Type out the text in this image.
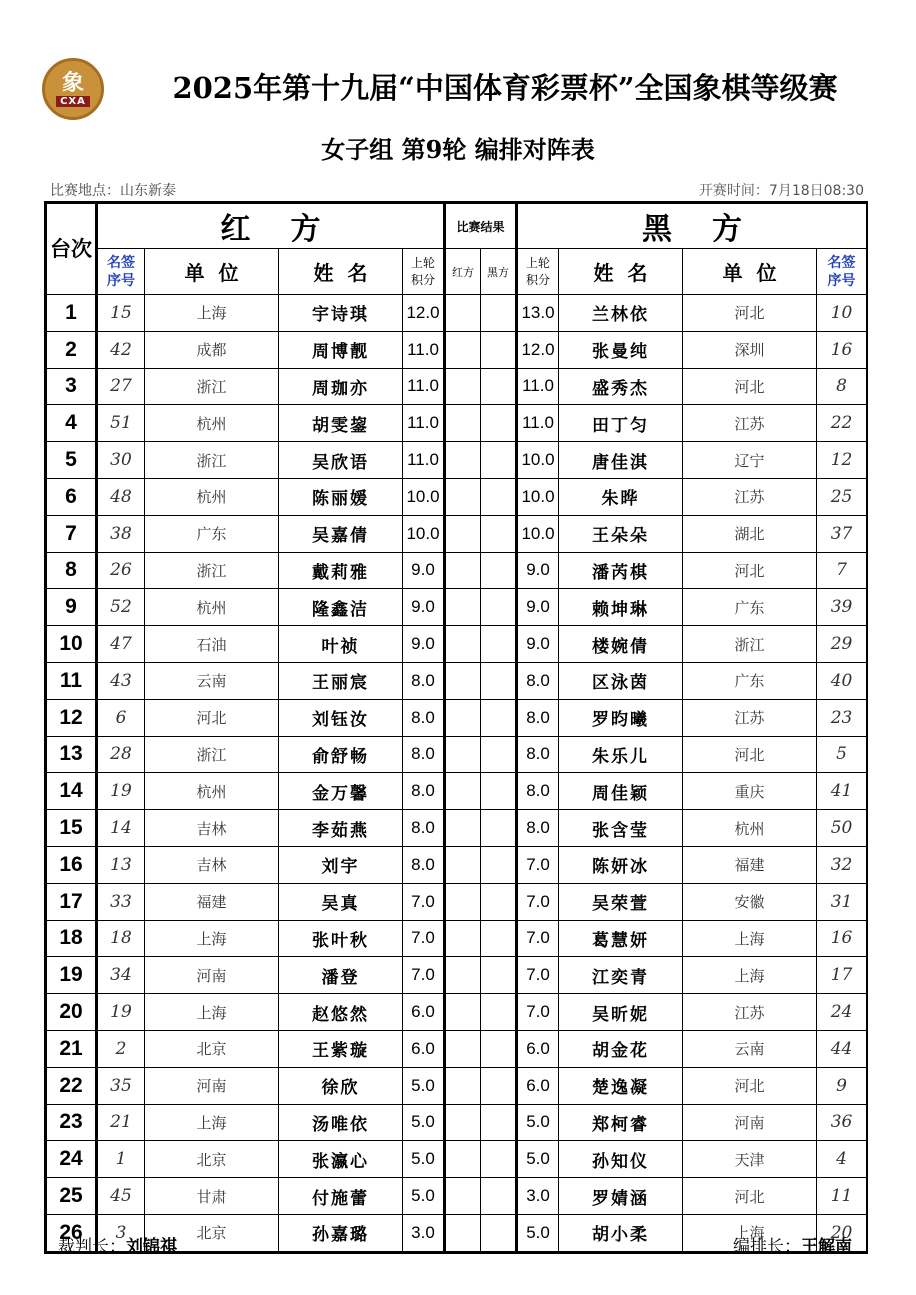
象
CXA	2025年第十九届“中国体育彩票杯”全国象棋等级赛
女子组 第9轮 编排对阵表
比赛地点：山东新泰	开赛时间：7月18日08:30
台次	红方				比赛结果		黑方			

	名签序号	单位	姓名	上轮积分	红方	黑方	上轮积分	姓名	单位	名签序号

1	15	上海	宇诗琪	12.0			13.0	兰林依	河北	10
2	42	成都	周博靓	11.0			12.0	张曼纯	深圳	16
3	27	浙江	周珈亦	11.0			11.0	盛秀杰	河北	8
4	51	杭州	胡雯鋆	11.0			11.0	田丁匀	江苏	22
5	30	浙江	吴欣语	11.0			10.0	唐佳淇	辽宁	12
6	48	杭州	陈丽媛	10.0			10.0	朱晔	江苏	25
7	38	广东	吴嘉倩	10.0			10.0	王朵朵	湖北	37
8	26	浙江	戴莉雅	9.0			9.0	潘芮棋	河北	7
9	52	杭州	隆鑫洁	9.0			9.0	赖坤琳	广东	39
10	47	石油	叶祯	9.0			9.0	楼婉倩	浙江	29
11	43	云南	王丽宸	8.0			8.0	区泳茵	广东	40
12	6	河北	刘钰汝	8.0			8.0	罗昀曦	江苏	23
13	28	浙江	俞舒畅	8.0			8.0	朱乐儿	河北	5
14	19	杭州	金万馨	8.0			8.0	周佳颖	重庆	41
15	14	吉林	李茹燕	8.0			8.0	张含莹	杭州	50
16	13	吉林	刘宇	8.0			7.0	陈妍冰	福建	32
17	33	福建	吴真	7.0			7.0	吴荣萱	安徽	31
18	18	上海	张叶秋	7.0			7.0	葛慧妍	上海	16
19	34	河南	潘登	7.0			7.0	江奕青	上海	17
20	19	上海	赵悠然	6.0			7.0	吴昕妮	江苏	24
21	2	北京	王紫璇	6.0			6.0	胡金花	云南	44
22	35	河南	徐欣	5.0			6.0	楚逸凝	河北	9
23	21	上海	汤唯依	5.0			5.0	郑柯睿	河南	36
24	1	北京	张瀛心	5.0			5.0	孙知仪	天津	4
25	45	甘肃	付施蕾	5.0			3.0	罗婧涵	河北	11
26	3	北京	孙嘉璐	3.0			5.0	胡小柔	上海	20
裁判长：刘锦祺	编排长：王解南
